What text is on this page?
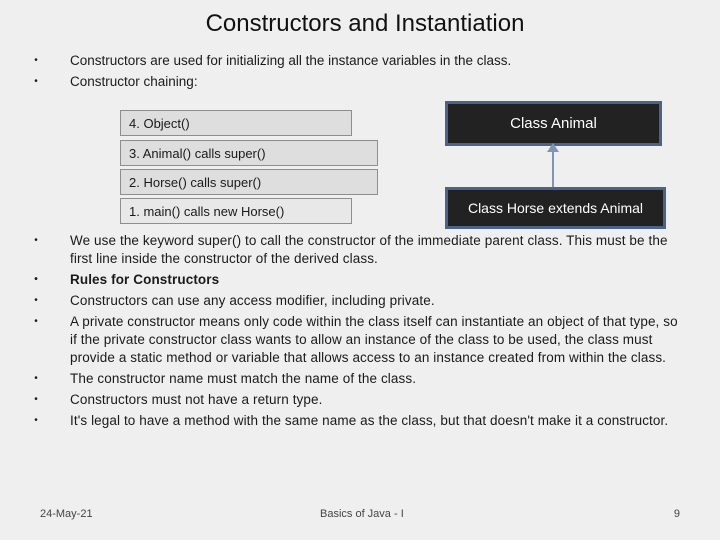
Constructors and Instantiation
• Constructors are used for initializing all the instance variables in the class.
• Constructor chaining:
4. Object()
3. Animal() calls super()
2. Horse() calls super()
1. main() calls new Horse()
Class Animal
Class Horse extends Animal
• We use the keyword super() to call the constructor of the immediate parent class. This must be the first line inside the constructor of the derived class.
• Rules for Constructors
• Constructors can use any access modifier, including private.
• A private constructor means only code within the class itself can instantiate an object of that type, so if the private constructor class wants to allow an instance of the class to be used, the class must provide a static method or variable that allows access to an instance created from within the class.
• The constructor name must match the name of the class.
• Constructors must not have a return type.
• It's legal to have a method with the same name as the class, but that doesn't make it a constructor.
24-May-21	Basics of Java - I	9
